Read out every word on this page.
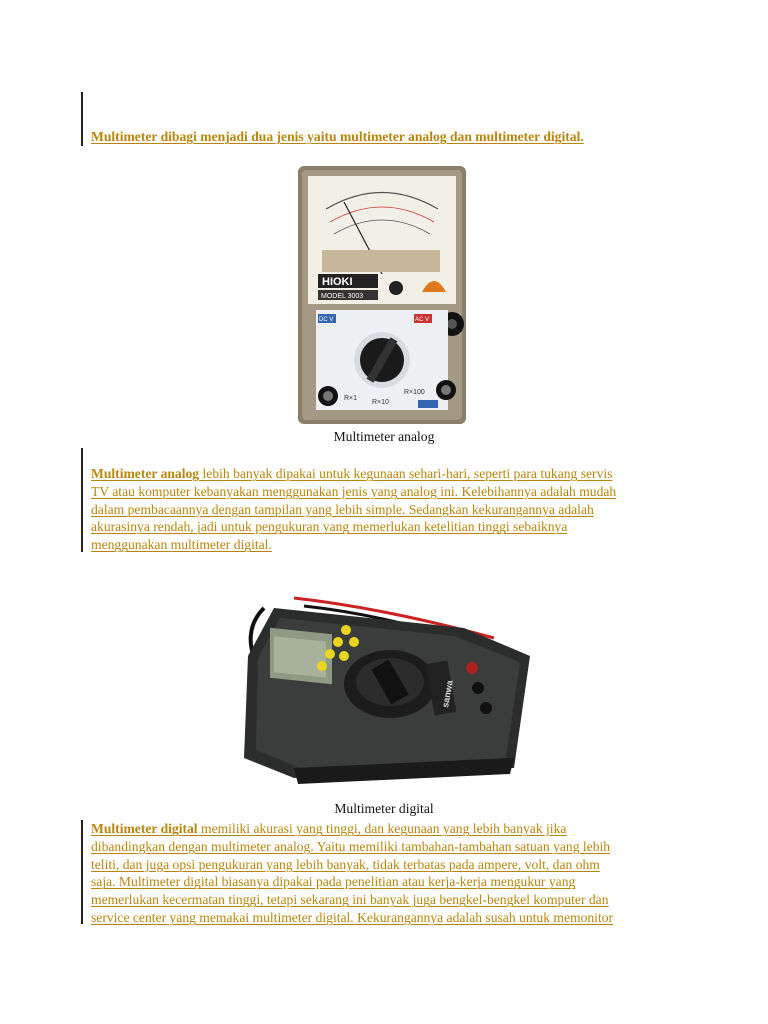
Multimeter dibagi menjadi dua jenis yaitu multimeter analog dan multimeter digital.
HIOKI
MODEL 3003
DC V	AC V
R×1
R×10
R×100
Multimeter analog
Multimeter analog lebih banyak dipakai untuk kegunaan sehari-hari, seperti para tukang servis
TV atau komputer kebanyakan menggunakan jenis yang analog ini. Kelebihannya adalah mudah
dalam pembacaannya dengan tampilan yang lebih simple. Sedangkan kekurangannya adalah
akurasinya rendah, jadi untuk pengukuran yang memerlukan ketelitian tinggi sebaiknya
menggunakan multimeter digital.
sanwa
Multimeter digital
Multimeter digital memiliki akurasi yang tinggi, dan kegunaan yang lebih banyak jika
dibandingkan dengan multimeter analog. Yaitu memiliki tambahan-tambahan satuan yang lebih
teliti, dan juga opsi pengukuran yang lebih banyak, tidak terbatas pada ampere, volt, dan ohm
saja. Multimeter digital biasanya dipakai pada penelitian atau kerja-kerja mengukur yang
memerlukan kecermatan tinggi, tetapi sekarang ini banyak juga bengkel-bengkel komputer dan
service center yang memakai multimeter digital. Kekurangannya adalah susah untuk memonitor
